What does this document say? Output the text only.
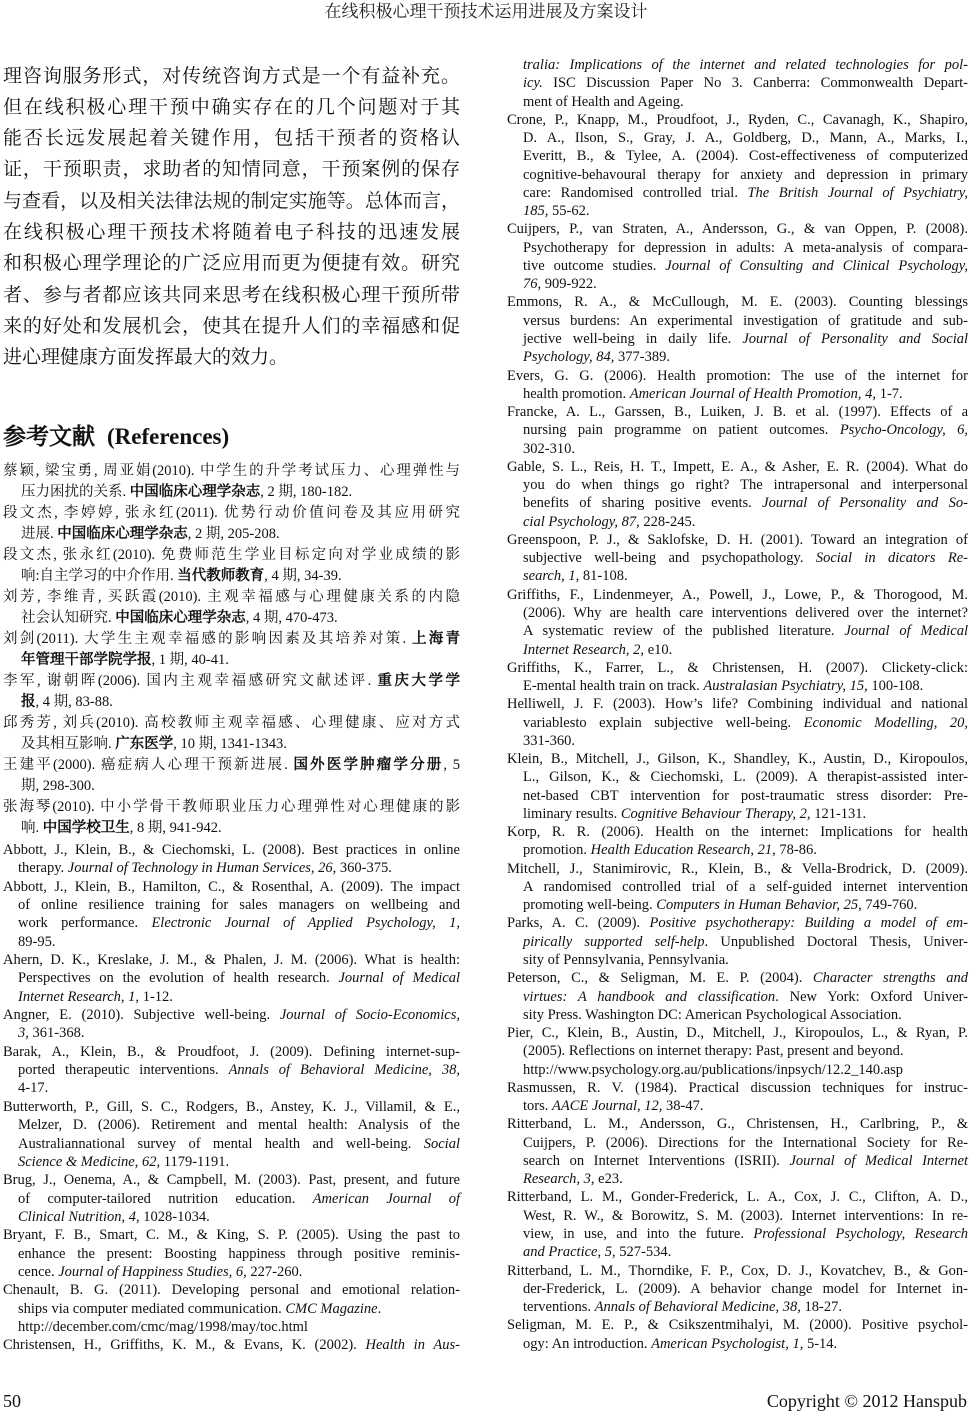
在线积极心理干预技术运用进展及方案设计
理咨询服务形式，对传统咨询方式是一个有益补充。
但在线积极心理干预中确实存在的几个问题对于其
能否长远发展起着关键作用，包括干预者的资格认
证，干预职责，求助者的知情同意，干预案例的保存
与查看，以及相关法律法规的制定实施等。总体而言，
在线积极心理干预技术将随着电子科技的迅速发展
和积极心理学理论的广泛应用而更为便捷有效。研究
者、参与者都应该共同来思考在线积极心理干预所带
来的好处和发展机会，使其在提升人们的幸福感和促
进心理健康方面发挥最大的效力。
参考文献 (References)
蔡颖, 梁宝勇, 周亚娟(2010). 中学生的升学考试压力、心理弹性与
压力困扰的关系. 中国临床心理学杂志, 2 期, 180-182.
段文杰, 李婷婷, 张永红(2011). 优势行动价值问卷及其应用研究
进展. 中国临床心理学杂志, 2 期, 205-208.
段文杰, 张永红(2010). 免费师范生学业目标定向对学业成绩的影
响:自主学习的中介作用. 当代教师教育, 4 期, 34-39.
刘芳, 李维青, 买跃霞(2010). 主观幸福感与心理健康关系的内隐
社会认知研究. 中国临床心理学杂志, 4 期, 470-473.
刘剑(2011). 大学生主观幸福感的影响因素及其培养对策. 上海青
年管理干部学院学报, 1 期, 40-41.
李军, 谢朝晖(2006). 国内主观幸福感研究文献述评. 重庆大学学
报, 4 期, 83-88.
邱秀芳, 刘兵(2010). 高校教师主观幸福感、心理健康、应对方式
及其相互影响. 广东医学, 10 期, 1341-1343.
王建平(2000). 癌症病人心理干预新进展. 国外医学肿瘤学分册, 5
期, 298-300.
张海琴(2010). 中小学骨干教师职业压力心理弹性对心理健康的影
响. 中国学校卫生, 8 期, 941-942.
Abbott, J., Klein, B., & Ciechomski, L. (2008). Best practices in online
therapy. Journal of Technology in Human Services, 26, 360-375.
Abbott, J., Klein, B., Hamilton, C., & Rosenthal, A. (2009). The impact
of online resilience training for sales managers on wellbeing and
work performance. Electronic Journal of Applied Psychology, 1,
89-95.
Ahern, D. K., Kreslake, J. M., & Phalen, J. M. (2006). What is health:
Perspectives on the evolution of health research. Journal of Medical
Internet Research, 1, 1-12.
Angner, E. (2010). Subjective well-being. Journal of Socio-Economics,
3, 361-368.
Barak, A., Klein, B., & Proudfoot, J. (2009). Defining internet-sup-
ported therapeutic interventions. Annals of Behavioral Medicine, 38,
4-17.
Butterworth, P., Gill, S. C., Rodgers, B., Anstey, K. J., Villamil, & E.,
Melzer, D. (2006). Retirement and mental health: Analysis of the
Australiannational survey of mental health and well-being. Social
Science & Medicine, 62, 1179-1191.
Brug, J., Oenema, A., & Campbell, M. (2003). Past, present, and future
of computer-tailored nutrition education. American Journal of
Clinical Nutrition, 4, 1028-1034.
Bryant, F. B., Smart, C. M., & King, S. P. (2005). Using the past to
enhance the present: Boosting happiness through positive reminis-
cence. Journal of Happiness Studies, 6, 227-260.
Chenault, B. G. (2011). Developing personal and emotional relation-
ships via computer mediated communication. CMC Magazine.
http://december.com/cmc/mag/1998/may/toc.html
Christensen, H., Griffiths, K. M., & Evans, K. (2002). Health in Aus-
tralia: Implications of the internet and related technologies for pol-
icy. ISC Discussion Paper No 3. Canberra: Commonwealth Depart-
ment of Health and Ageing.
Crone, P., Knapp, M., Proudfoot, J., Ryden, C., Cavanagh, K., Shapiro,
D. A., Ilson, S., Gray, J. A., Goldberg, D., Mann, A., Marks, I.,
Everitt, B., & Tylee, A. (2004). Cost-effectiveness of computerized
cognitive-behavoural therapy for anxiety and depression in primary
care: Randomised controlled trial. The British Journal of Psychiatry,
185, 55-62.
Cuijpers, P., van Straten, A., Andersson, G., & van Oppen, P. (2008).
Psychotherapy for depression in adults: A meta-analysis of compara-
tive outcome studies. Journal of Consulting and Clinical Psychology,
76, 909-922.
Emmons, R. A., & McCullough, M. E. (2003). Counting blessings
versus burdens: An experimental investigation of gratitude and sub-
jective well-being in daily life. Journal of Personality and Social
Psychology, 84, 377-389.
Evers, G. G. (2006). Health promotion: The use of the internet for
health promotion. American Journal of Health Promotion, 4, 1-7.
Francke, A. L., Garssen, B., Luiken, J. B. et al. (1997). Effects of a
nursing pain programme on patient outcomes. Psycho-Oncology, 6,
302-310.
Gable, S. L., Reis, H. T., Impett, E. A., & Asher, E. R. (2004). What do
you do when things go right? The intrapersonal and interpersonal
benefits of sharing positive events. Journal of Personality and So-
cial Psychology, 87, 228-245.
Greenspoon, P. J., & Saklofske, D. H. (2001). Toward an integration of
subjective well-being and psychopathology. Social in dicators Re-
search, 1, 81-108.
Griffiths, F., Lindenmeyer, A., Powell, J., Lowe, P., & Thorogood, M.
(2006). Why are health care interventions delivered over the internet?
A systematic review of the published literature. Journal of Medical
Internet Research, 2, e10.
Griffiths, K., Farrer, L., & Christensen, H. (2007). Clickety-click:
E-mental health train on track. Australasian Psychiatry, 15, 100-108.
Helliwell, J. F. (2003). How’s life? Combining individual and national
variablesto explain subjective well-being. Economic Modelling, 20,
331-360.
Klein, B., Mitchell, J., Gilson, K., Shandley, K., Austin, D., Kiropoulos,
L., Gilson, K., & Ciechomski, L. (2009). A therapist-assisted inter-
net-based CBT intervention for post-traumatic stress disorder: Pre-
liminary results. Cognitive Behaviour Therapy, 2, 121-131.
Korp, R. R. (2006). Health on the internet: Implications for health
promotion. Health Education Research, 21, 78-86.
Mitchell, J., Stanimirovic, R., Klein, B., & Vella-Brodrick, D. (2009).
A randomised controlled trial of a self-guided internet intervention
promoting well-being. Computers in Human Behavior, 25, 749-760.
Parks, A. C. (2009). Positive psychotherapy: Building a model of em-
pirically supported self-help. Unpublished Doctoral Thesis, Univer-
sity of Pennsylvania, Pennsylvania.
Peterson, C., & Seligman, M. E. P. (2004). Character strengths and
virtues: A handbook and classification. New York: Oxford Univer-
sity Press. Washington DC: American Psychological Association.
Pier, C., Klein, B., Austin, D., Mitchell, J., Kiropoulos, L., & Ryan, P.
(2005). Reflections on internet therapy: Past, present and beyond.
http://www.psychology.org.au/publications/inpsych/12.2_140.asp
Rasmussen, R. V. (1984). Practical discussion techniques for instruc-
tors. AACE Journal, 12, 38-47.
Ritterband, L. M., Andersson, G., Christensen, H., Carlbring, P., &
Cuijpers, P. (2006). Directions for the International Society for Re-
search on Internet Interventions (ISRII). Journal of Medical Internet
Research, 3, e23.
Ritterband, L. M., Gonder-Frederick, L. A., Cox, J. C., Clifton, A. D.,
West, R. W., & Borowitz, S. M. (2003). Internet interventions: In re-
view, in use, and into the future. Professional Psychology, Research
and Practice, 5, 527-534.
Ritterband, L. M., Thorndike, F. P., Cox, D. J., Kovatchev, B., & Gon-
der-Frederick, L. (2009). A behavior change model for Internet in-
terventions. Annals of Behavioral Medicine, 38, 18-27.
Seligman, M. E. P., & Csikszentmihalyi, M. (2000). Positive psychol-
ogy: An introduction. American Psychologist, 1, 5-14.
50	Copyright © 2012 Hanspub
